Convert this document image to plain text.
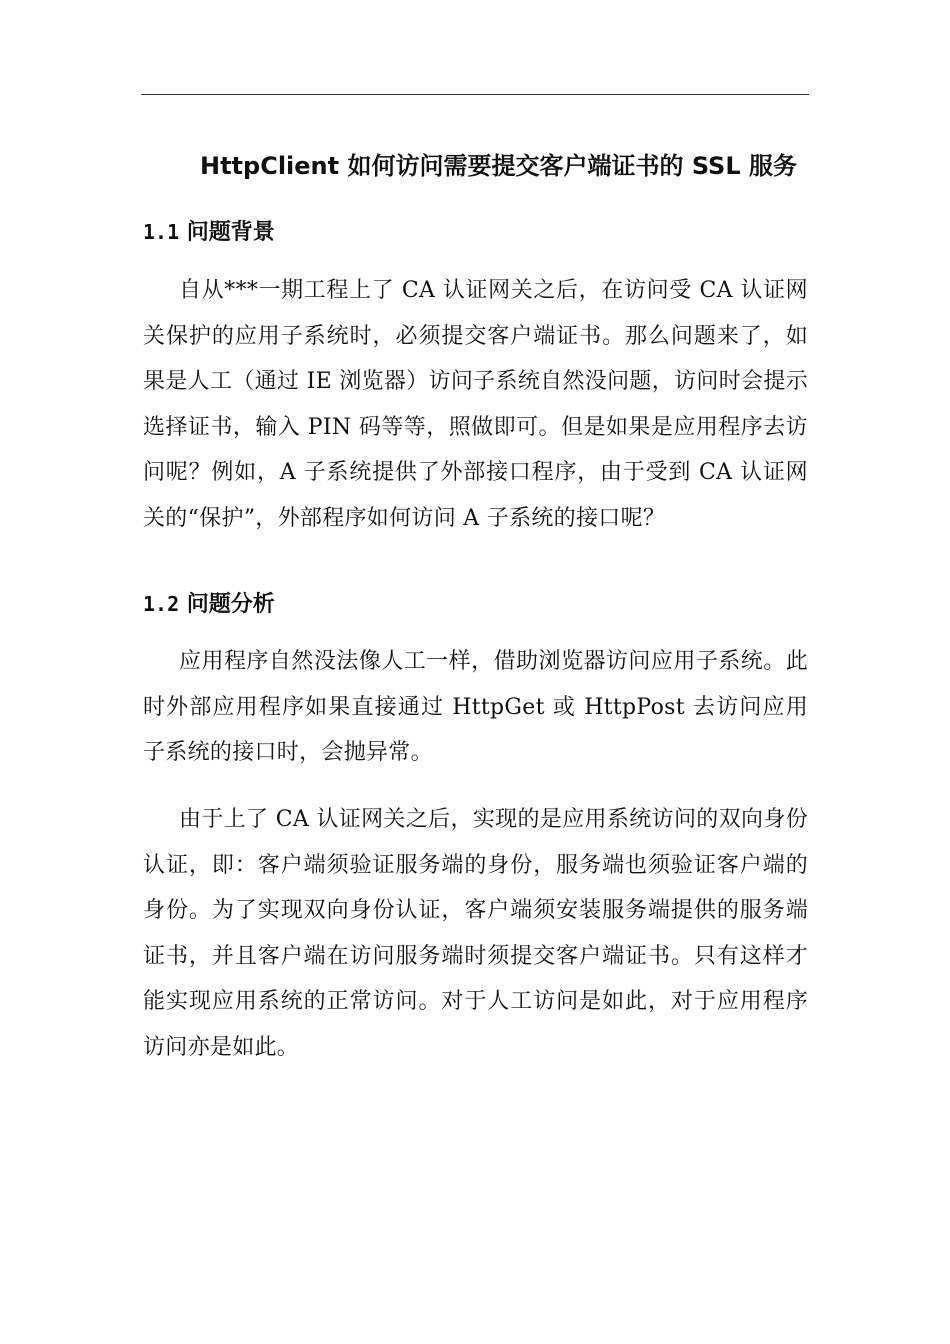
HttpClient 如何访问需要提交客户端证书的 SSL 服务
1.1 问题背景

自从***一期工程上了 CA 认证网关之后，在访问受 CA 认证网关保护的应用子系统时，必须提交客户端证书。那么问题来了，如果是人工（通过 IE 浏览器）访问子系统自然没问题，访问时会提示选择证书，输入 PIN 码等等，照做即可。但是如果是应用程序去访问呢？例如，A 子系统提供了外部接口程序，由于受到 CA 认证网关的“保护”，外部程序如何访问 A 子系统的接口呢？

1.2 问题分析

应用程序自然没法像人工一样，借助浏览器访问应用子系统。此时外部应用程序如果直接通过 HttpGet 或 HttpPost 去访问应用子系统的接口时，会抛异常。

由于上了 CA 认证网关之后，实现的是应用系统访问的双向身份认证，即：客户端须验证服务端的身份，服务端也须验证客户端的身份。为了实现双向身份认证，客户端须安装服务端提供的服务端证书，并且客户端在访问服务端时须提交客户端证书。只有这样才能实现应用系统的正常访问。对于人工访问是如此，对于应用程序访问亦是如此。
